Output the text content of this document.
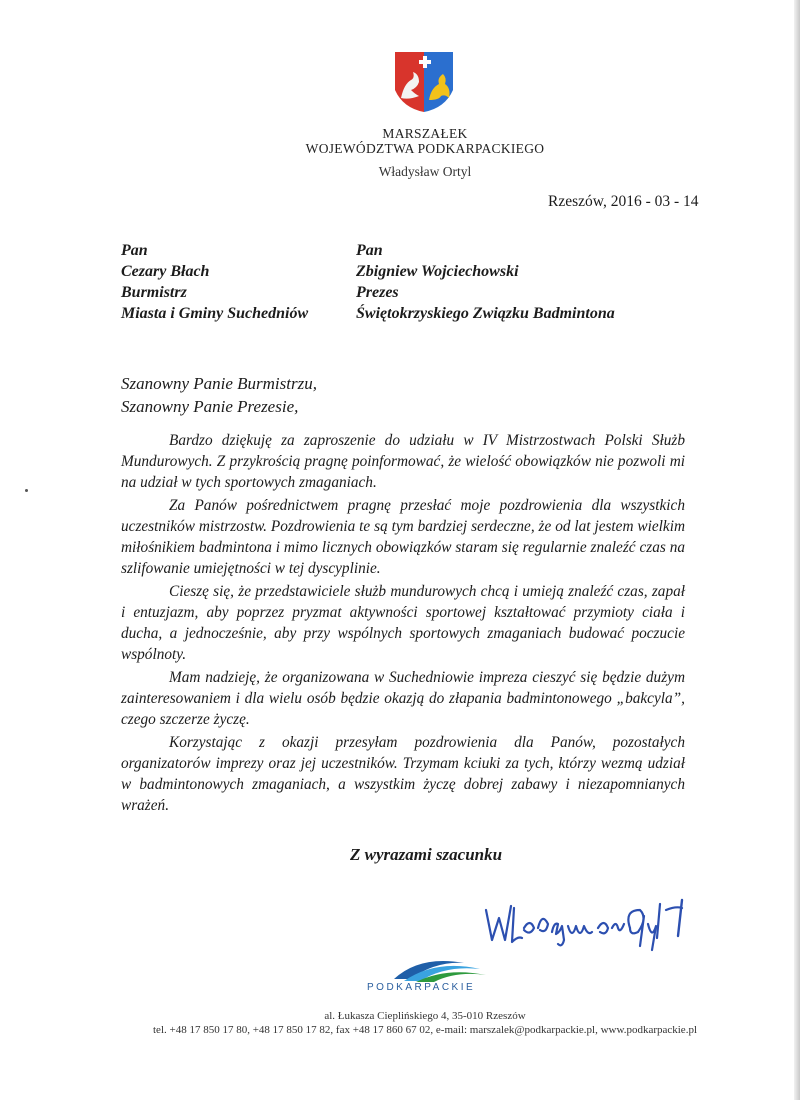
MARSZAŁEK
WOJEWÓDZTWA PODKARPACKIEGO
Władysław Ortyl
Rzeszów, 2016 - 03 - 14
Pan
Cezary Błach
Burmistrz
Miasta i Gminy Suchedniów
Pan
Zbigniew Wojciechowski
Prezes
Świętokrzyskiego Związku Badmintona
Szanowny Panie Burmistrzu,
Szanowny Panie Prezesie,

Bardzo dziękuję za zaproszenie do udziału w IV Mistrzostwach Polski Służb Mundurowych. Z przykrością pragnę poinformować, że wielość obowiązków nie pozwoli mi na udział w tych sportowych zmaganiach.

Za Panów pośrednictwem pragnę przesłać moje pozdrowienia dla wszystkich uczestników mistrzostw. Pozdrowienia te są tym bardziej serdeczne, że od lat jestem wielkim miłośnikiem badmintona i mimo licznych obowiązków staram się regularnie znaleźć czas na szlifowanie umiejętności w tej dyscyplinie.

Cieszę się, że przedstawiciele służb mundurowych chcą i umieją znaleźć czas, zapał i entuzjazm, aby poprzez pryzmat aktywności sportowej kształtować przymioty ciała i ducha, a jednocześnie, aby przy wspólnych sportowych zmaganiach budować poczucie wspólnoty.

Mam nadzieję, że organizowana w Suchedniowie impreza cieszyć się będzie dużym zainteresowaniem i dla wielu osób będzie okazją do złapania badmintonowego „bakcyla”, czego szczerze życzę.

Korzystając z okazji przesyłam pozdrowienia dla Panów, pozostałych organizatorów imprezy oraz jej uczestników. Trzymam kciuki za tych, którzy wezmą udział w badmintonowych zmaganiach, a wszystkim życzę dobrej zabawy i niezapomnianych wrażeń.

Z wyrazami szacunku
PODKARPACKIE
al. Łukasza Cieplińskiego 4, 35-010 Rzeszów
tel. +48 17 850 17 80, +48 17 850 17 82, fax +48 17 860 67 02, e-mail: marszalek@podkarpackie.pl, www.podkarpackie.pl
